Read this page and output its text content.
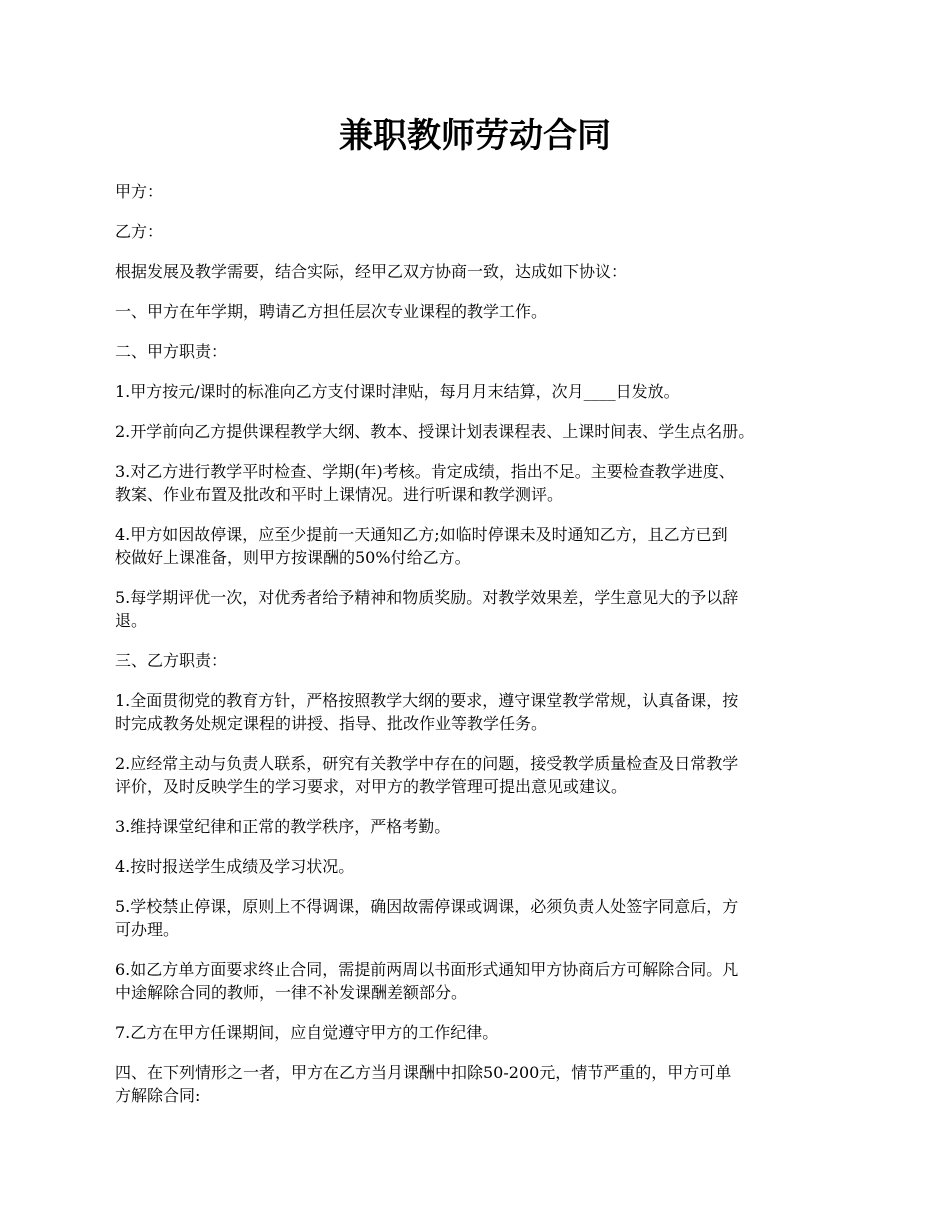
兼职教师劳动合同

甲方：

乙方：

根据发展及教学需要，结合实际，经甲乙双方协商一致，达成如下协议：

一、甲方在年学期，聘请乙方担任层次专业课程的教学工作。

二、甲方职责：

1.甲方按元/课时的标准向乙方支付课时津贴，每月月末结算，次月____日发放。

2.开学前向乙方提供课程教学大纲、教本、授课计划表课程表、上课时间表、学生点名册。

3.对乙方进行教学平时检查、学期(年)考核。肯定成绩，指出不足。主要检查教学进度、
教案、作业布置及批改和平时上课情况。进行听课和教学测评。

4.甲方如因故停课，应至少提前一天通知乙方;如临时停课未及时通知乙方，且乙方已到
校做好上课准备，则甲方按课酬的50%付给乙方。

5.每学期评优一次，对优秀者给予精神和物质奖励。对教学效果差，学生意见大的予以辞
退。

三、乙方职责：

1.全面贯彻党的教育方针，严格按照教学大纲的要求，遵守课堂教学常规，认真备课，按
时完成教务处规定课程的讲授、指导、批改作业等教学任务。

2.应经常主动与负责人联系，研究有关教学中存在的问题，接受教学质量检查及日常教学
评价，及时反映学生的学习要求，对甲方的教学管理可提出意见或建议。

3.维持课堂纪律和正常的教学秩序，严格考勤。

4.按时报送学生成绩及学习状况。

5.学校禁止停课，原则上不得调课，确因故需停课或调课，必须负责人处签字同意后，方
可办理。

6.如乙方单方面要求终止合同，需提前两周以书面形式通知甲方协商后方可解除合同。凡
中途解除合同的教师，一律不补发课酬差额部分。

7.乙方在甲方任课期间，应自觉遵守甲方的工作纪律。

四、在下列情形之一者，甲方在乙方当月课酬中扣除50-200元，情节严重的，甲方可单
方解除合同:
